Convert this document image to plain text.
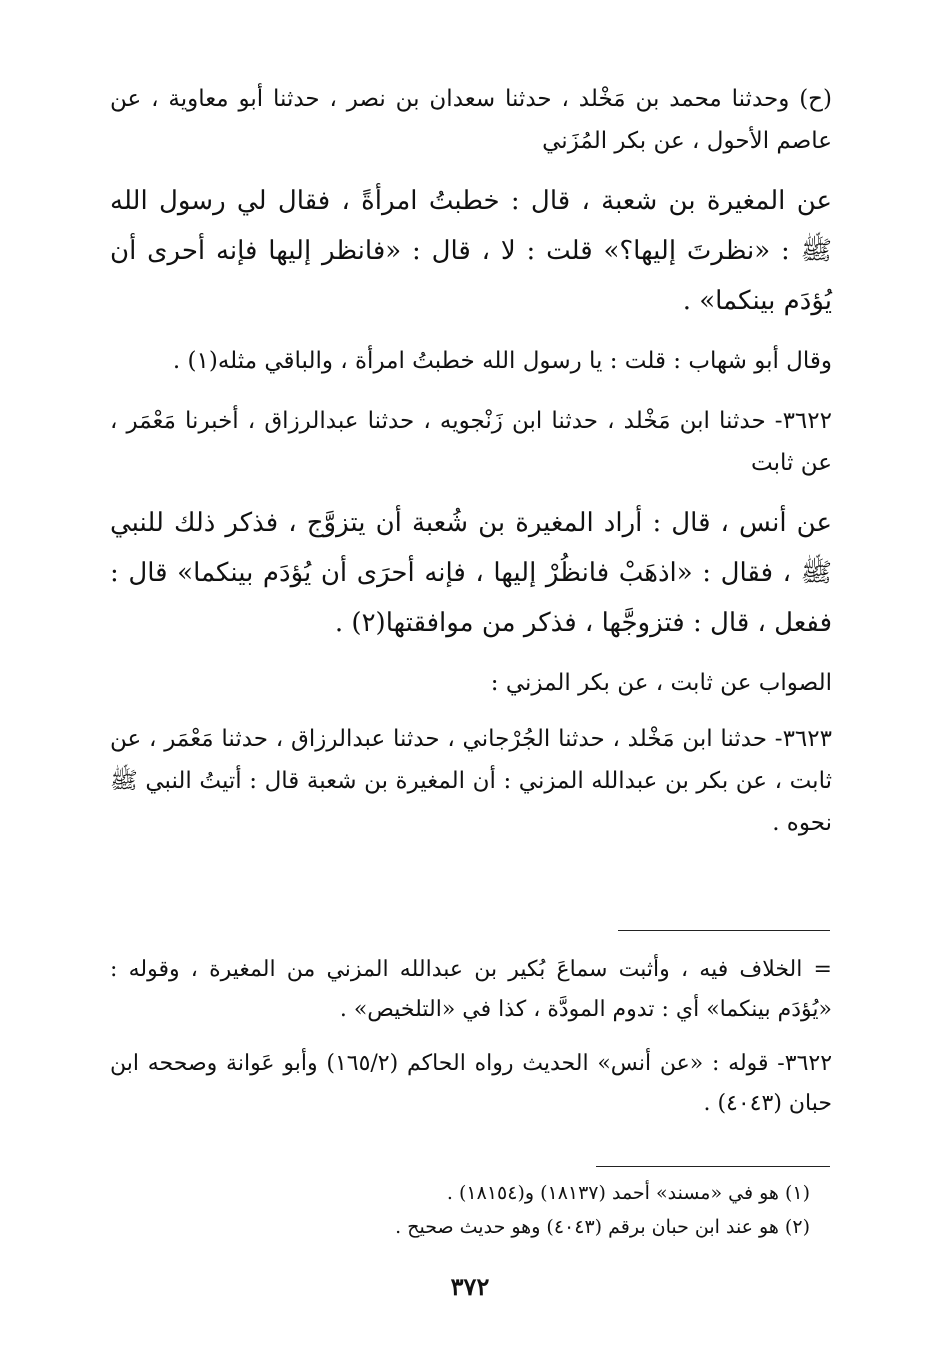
(ح) وحدثنا محمد بن مَخْلد ، حدثنا سعدان بن نصر ، حدثنا أبو معاوية ، عن عاصم الأحول ، عن بكر المُزَني

عن المغيرة بن شعبة ، قال : خطبتُ امرأةً ، فقال لي رسول الله ﷺ : «نظرتَ إليها؟» قلت : لا ، قال : «فانظر إليها فإنه أحرى أن يُؤدَم بينكما» .

وقال أبو شهاب : قلت : يا رسول الله خطبتُ امرأة ، والباقي مثله(١) .

٣٦٢٢- حدثنا ابن مَخْلد ، حدثنا ابن زَنْجويه ، حدثنا عبدالرزاق ، أخبرنا مَعْمَر ، عن ثابت

عن أنس ، قال : أراد المغيرة بن شُعبة أن يتزوَّج ، فذكر ذلك للنبي ﷺ ، فقال : «اذهَبْ فانظُرْ إليها ، فإنه أحرَى أن يُؤدَم بينكما» قال : ففعل ، قال : فتزوجَّها ، فذكر من موافقتها(٢) .

الصواب عن ثابت ، عن بكر المزني :

٣٦٢٣- حدثنا ابن مَخْلد ، حدثنا الجُرْجاني ، حدثنا عبدالرزاق ، حدثنا مَعْمَر ، عن ثابت ، عن بكر بن عبدالله المزني : أن المغيرة بن شعبة قال : أتيتُ النبي ﷺ نحوه .

= الخلاف فيه ، وأثبت سماعَ بُكير بن عبدالله المزني من المغيرة ، وقوله : «يُؤدَم بينكما» أي : تدوم المودَّة ، كذا في «التلخيص» .

٣٦٢٢- قوله : «عن أنس» الحديث رواه الحاكم (١٦٥/٢) وأبو عَوانة وصححه ابن حبان (٤٠٤٣) .

(١) هو في «مسند» أحمد (١٨١٣٧) و(١٨١٥٤) .

(٢) هو عند ابن حبان برقم (٤٠٤٣) وهو حديث صحيح .

٣٧٢
